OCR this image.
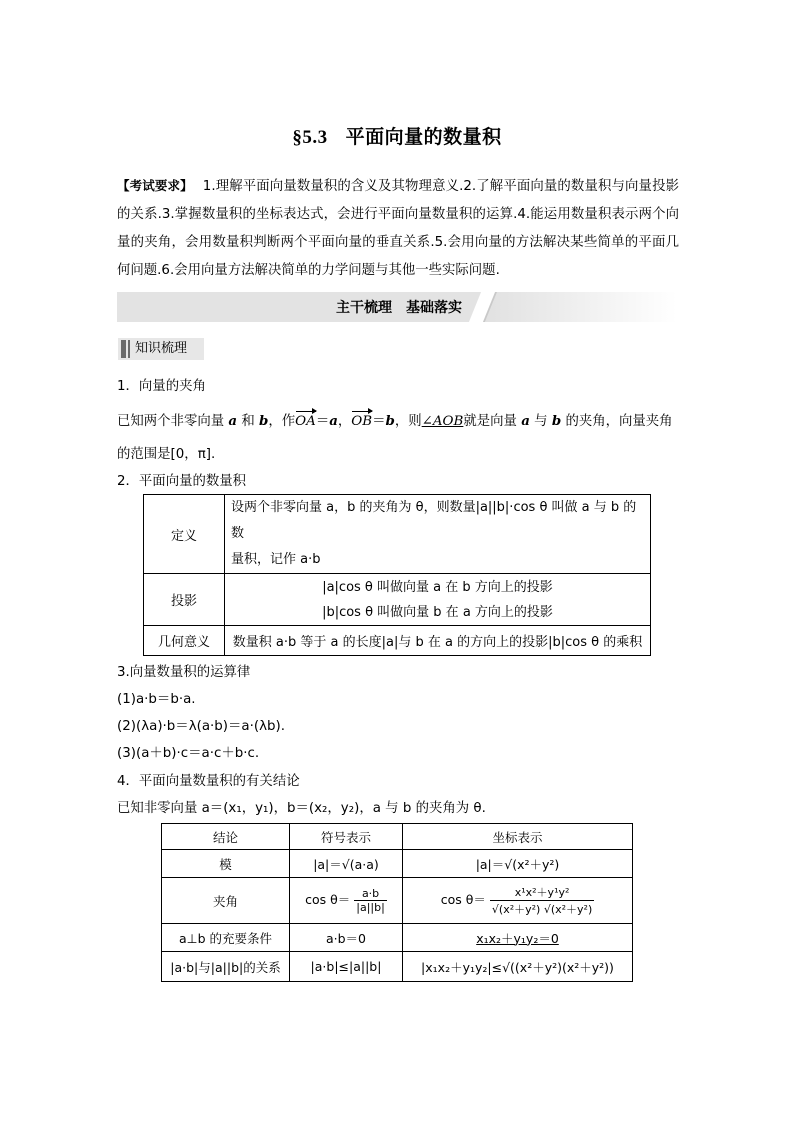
§5.3 平面向量的数量积
【考试要求】 1.理解平面向量数量积的含义及其物理意义.2.了解平面向量的数量积与向量投影的关系.3.掌握数量积的坐标表达式，会进行平面向量数量积的运算.4.能运用数量积表示两个向量的夹角，会用数量积判断两个平面向量的垂直关系.5.会用向量的方法解决某些简单的平面几何问题.6.会用向量方法解决简单的力学问题与其他一些实际问题.
主干梳理　基础落实
知识梳理
1．向量的夹角
已知两个非零向量 a 和 b，作OA＝a，OB＝b，则∠AOB就是向量 a 与 b 的夹角，向量夹角
的范围是[0，π].
2．平面向量的数量积
定义	设两个非零向量 a，b 的夹角为 θ，则数量|a||b|·cos θ 叫做 a 与 b 的数
量积，记作 a·b

投影	|a|cos θ 叫做向量 a 在 b 方向上的投影
|b|cos θ 叫做向量 b 在 a 方向上的投影

几何意义	数量积 a·b 等于 a 的长度|a|与 b 在 a 的方向上的投影|b|cos θ 的乘积
3.向量数量积的运算律
(1)a·b＝b·a.
(2)(λa)·b＝λ(a·b)＝a·(λb).
(3)(a＋b)·c＝a·c＋b·c.
4．平面向量数量积的有关结论
已知非零向量 a＝(x₁，y₁)，b＝(x₂，y₂)，a 与 b 的夹角为 θ.
结论	符号表示	坐标表示
模	|a|＝√(a·a)	|a|＝√(x²＋y²)
夹角	$\cos \theta= \frac{a\cdot b}{|a||b|}$	$\cos \theta= \frac{\text{x¹x²＋y¹y²}}{\text{√(x²＋y²) √(x²＋y²)}}$

a⊥b 的充要条件	a·b＝0	x₁x₂＋y₁y₂＝0
|a·b|与|a||b|的关系	|a·b|≤|a||b|	|x₁x₂＋y₁y₂|≤√((x²＋y²)(x²＋y²))
